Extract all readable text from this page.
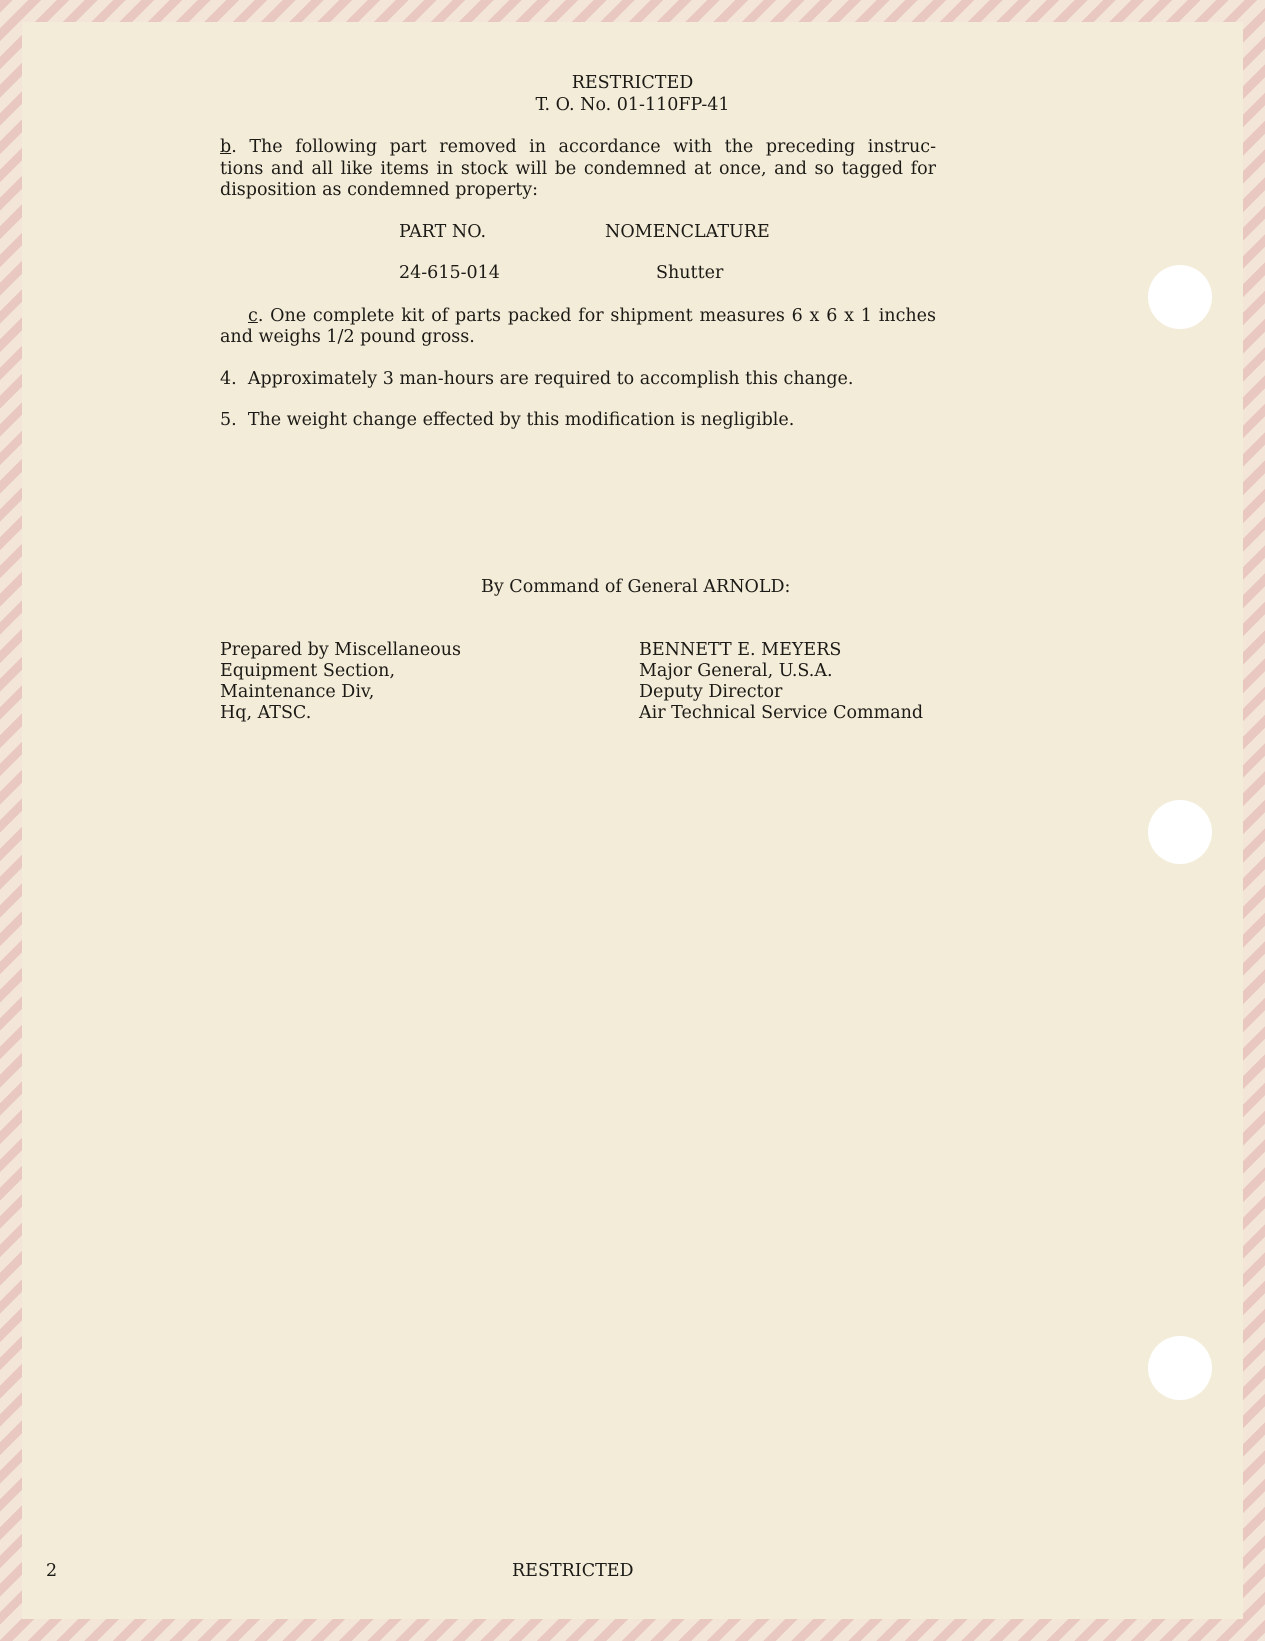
RESTRICTED
T. O. No. 01-110FP-41
b. The following part removed in accordance with the preceding instruc-
tions and all like items in stock will be condemned at once, and so tagged for
disposition as condemned property:
PART NO.	NOMENCLATURE
24-615-014	Shutter
c. One complete kit of parts packed for shipment measures 6 x 6 x 1 inches
and weighs 1/2 pound gross.
4.  Approximately 3 man-hours are required to accomplish this change.
5.  The weight change effected by this modification is negligible.
By Command of General ARNOLD:
Prepared by Miscellaneous
Equipment Section,
Maintenance Div,
Hq, ATSC.
BENNETT E. MEYERS
Major General, U.S.A.
Deputy Director
Air Technical Service Command
2	RESTRICTED
